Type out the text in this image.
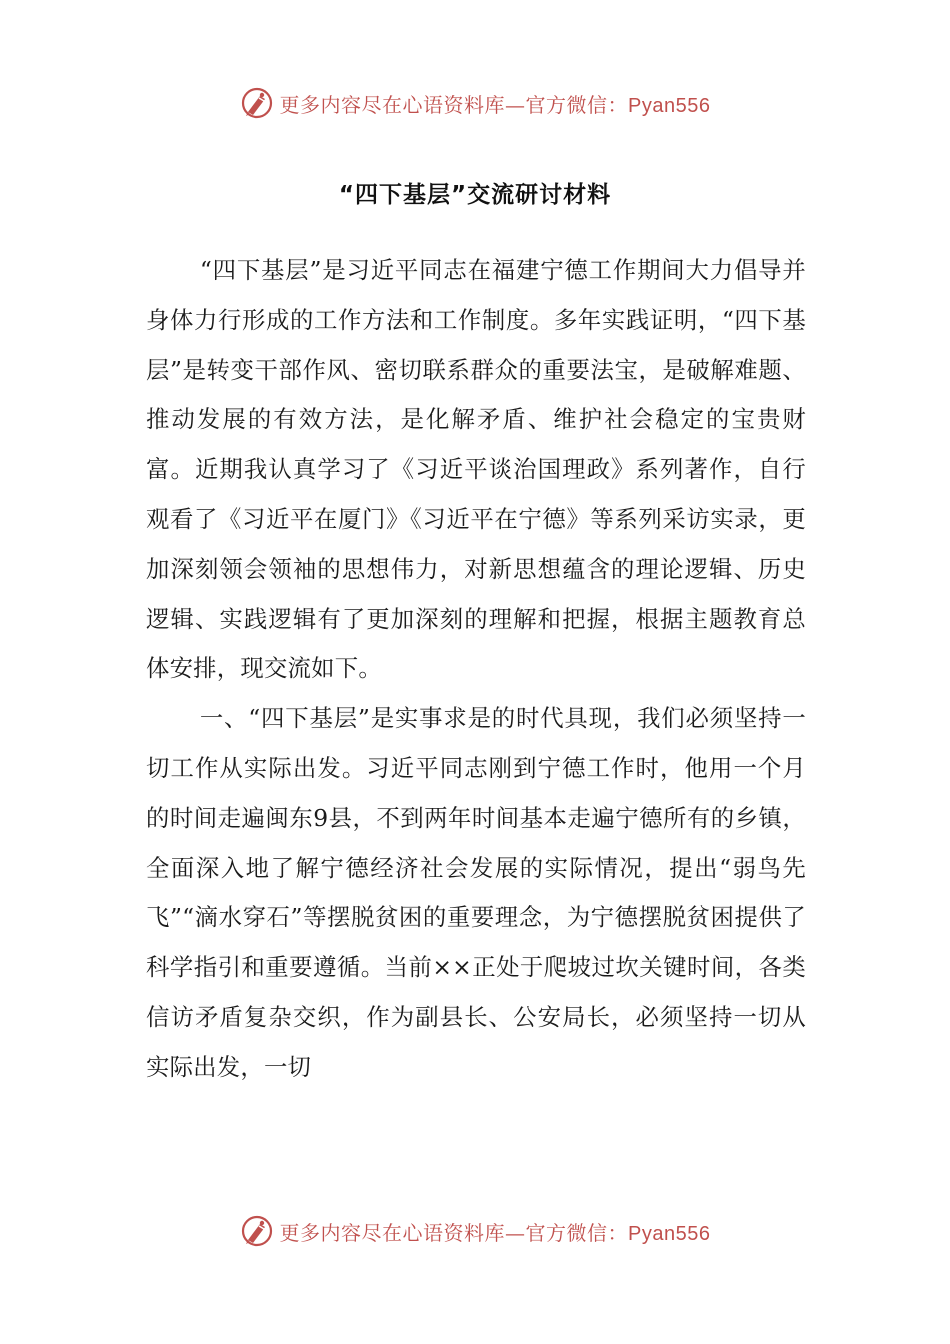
更多内容尽在心语资料库—官方微信：Pyan556
“四下基层”交流研讨材料

“四下基层”是习近平同志在福建宁德工作期间大力倡导并身体力行形成的工作方法和工作制度。多年实践证明，“四下基层”是转变干部作风、密切联系群众的重要法宝，是破解难题、推动发展的有效方法，是化解矛盾、维护社会稳定的宝贵财富。近期我认真学习了《习近平谈治国理政》系列著作，自行观看了《习近平在厦门》《习近平在宁德》等系列采访实录，更加深刻领会领袖的思想伟力，对新思想蕴含的理论逻辑、历史逻辑、实践逻辑有了更加深刻的理解和把握，根据主题教育总体安排，现交流如下。

一、“四下基层”是实事求是的时代具现，我们必须坚持一切工作从实际出发。习近平同志刚到宁德工作时，他用一个月的时间走遍闽东9县，不到两年时间基本走遍宁德所有的乡镇，全面深入地了解宁德经济社会发展的实际情况，提出“弱鸟先飞”“滴水穿石”等摆脱贫困的重要理念，为宁德摆脱贫困提供了科学指引和重要遵循。当前××正处于爬坡过坎关键时间，各类信访矛盾复杂交织，作为副县长、公安局长，必须坚持一切从实际出发，一切

更多内容尽在心语资料库—官方微信：Pyan556
